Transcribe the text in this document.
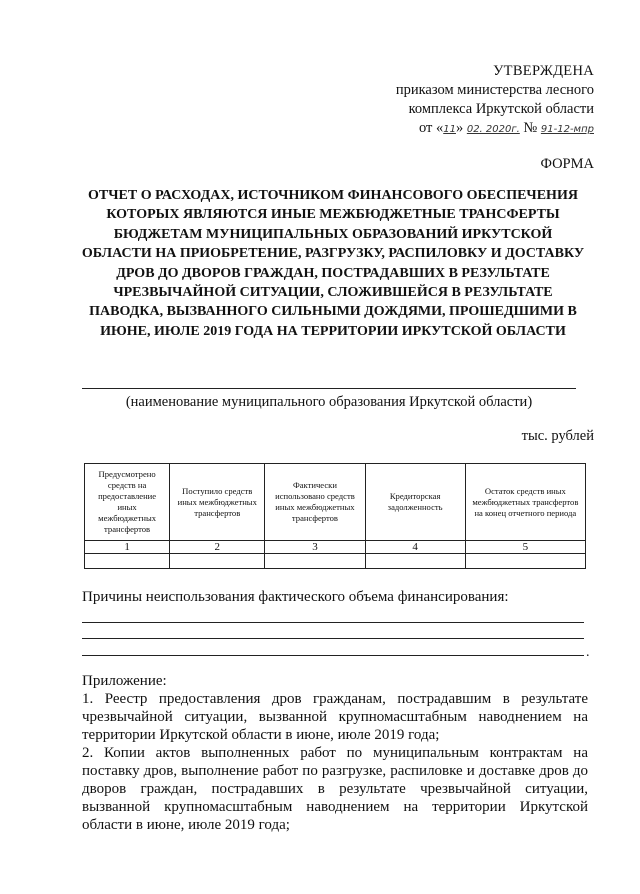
УТВЕРЖДЕНА
приказом министерства лесного
комплекса Иркутской области
от «11» 02. 2020г. № 91-12-мпр
ФОРМА
ОТЧЕТ О РАСХОДАХ, ИСТОЧНИКОМ ФИНАНСОВОГО ОБЕСПЕЧЕНИЯ КОТОРЫХ ЯВЛЯЮТСЯ ИНЫЕ МЕЖБЮДЖЕТНЫЕ ТРАНСФЕРТЫ БЮДЖЕТАМ МУНИЦИПАЛЬНЫХ ОБРАЗОВАНИЙ ИРКУТСКОЙ ОБЛАСТИ НА ПРИОБРЕТЕНИЕ, РАЗГРУЗКУ, РАСПИЛОВКУ И ДОСТАВКУ ДРОВ ДО ДВОРОВ ГРАЖДАН, ПОСТРАДАВШИХ В РЕЗУЛЬТАТЕ ЧРЕЗВЫЧАЙНОЙ СИТУАЦИИ, СЛОЖИВШЕЙСЯ В РЕЗУЛЬТАТЕ ПАВОДКА, ВЫЗВАННОГО СИЛЬНЫМИ ДОЖДЯМИ, ПРОШЕДШИМИ В ИЮНЕ, ИЮЛЕ 2019 ГОДА НА ТЕРРИТОРИИ ИРКУТСКОЙ ОБЛАСТИ
(наименование муниципального образования Иркутской области)
тыс. рублей
Предусмотрено средств на предоставление иных межбюджетных трансфертов	Поступило средств иных межбюджетных трансфертов	Фактически использовано средств иных межбюджетных трансфертов	Кредиторская задолженность	Остаток средств иных межбюджетных трансфертов на конец отчетного периода
1	2	3	4	5

Причины неиспользования фактического объема финансирования:
.

Приложение:

1. Реестр предоставления дров гражданам, пострадавшим в результате чрезвычайной ситуации, вызванной крупномасштабным наводнением на территории Иркутской области в июне, июле 2019 года;

2. Копии актов выполненных работ по муниципальным контрактам на поставку дров, выполнение работ по разгрузке, распиловке и доставке дров до дворов граждан, пострадавших в результате чрезвычайной ситуации, вызванной крупномасштабным наводнением на территории Иркутской области в июне, июле 2019 года;
